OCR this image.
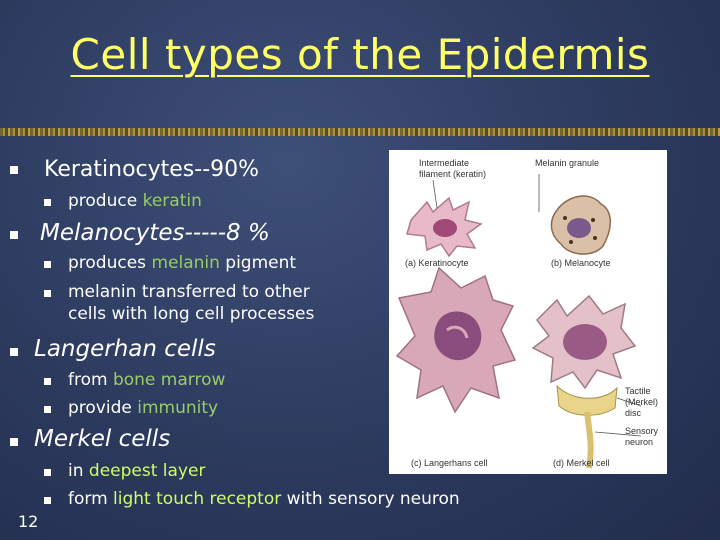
Cell types of the Epidermis
Keratinocytes--90%
produce keratin
Melanocytes-----8 %
produces melanin pigment
melanin transferred to other
cells with long cell processes
Langerhan cells
from bone marrow
provide immunity
Merkel cells
in deepest layer
Intermediate
filament (keratin)
Melanin granule
(a) Keratinocyte	(b) Melanocyte
Tactile
(Merkel)
disc
Sensory
neuron
(c) Langerhans cell	(d) Merkel cell
form light touch receptor with sensory neuron
12
